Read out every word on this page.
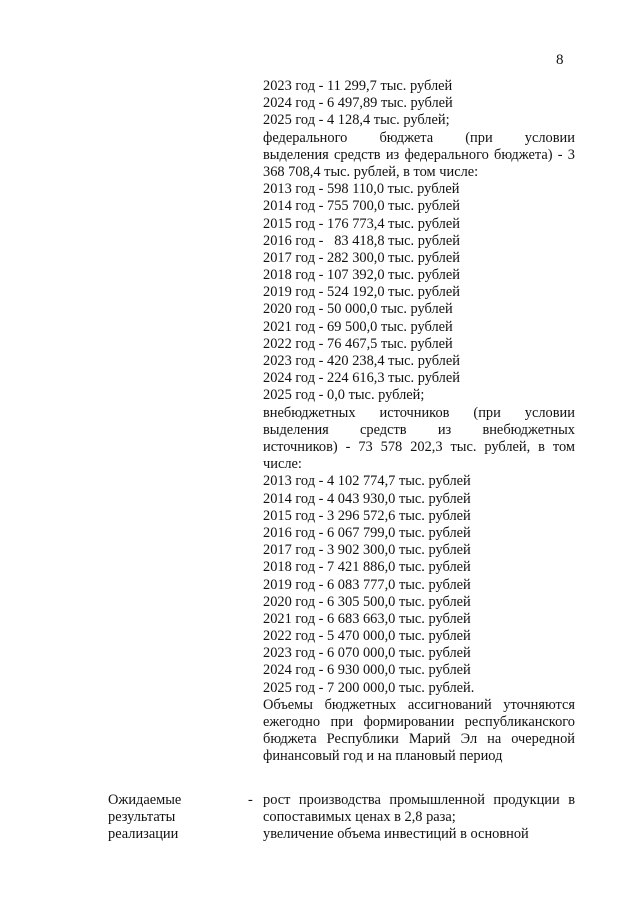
8
2023 год - 11 299,7 тыс. рублей
2024 год - 6 497,89 тыс. рублей
2025 год - 4 128,4 тыс. рублей;
федерального бюджета (при условии
выделения средств из федерального бюджета) - 3 368 708,4 тыс. рублей, в том числе:
2013 год - 598 110,0 тыс. рублей
2014 год - 755 700,0 тыс. рублей
2015 год - 176 773,4 тыс. рублей
2016 год -   83 418,8 тыс. рублей
2017 год - 282 300,0 тыс. рублей
2018 год - 107 392,0 тыс. рублей
2019 год - 524 192,0 тыс. рублей
2020 год - 50 000,0 тыс. рублей
2021 год - 69 500,0 тыс. рублей
2022 год - 76 467,5 тыс. рублей
2023 год - 420 238,4 тыс. рублей
2024 год - 224 616,3 тыс. рублей
2025 год - 0,0 тыс. рублей;
внебюджетных источников (при условии
выделения средств из внебюджетных
источников) - 73 578 202,3 тыс. рублей, в том числе:
2013 год - 4 102 774,7 тыс. рублей
2014 год - 4 043 930,0 тыс. рублей
2015 год - 3 296 572,6 тыс. рублей
2016 год - 6 067 799,0 тыс. рублей
2017 год - 3 902 300,0 тыс. рублей
2018 год - 7 421 886,0 тыс. рублей
2019 год - 6 083 777,0 тыс. рублей
2020 год - 6 305 500,0 тыс. рублей
2021 год - 6 683 663,0 тыс. рублей
2022 год - 5 470 000,0 тыс. рублей
2023 год - 6 070 000,0 тыс. рублей
2024 год - 6 930 000,0 тыс. рублей
2025 год - 7 200 000,0 тыс. рублей.
Объемы бюджетных ассигнований уточняются ежегодно при формировании республиканского бюджета Республики Марий Эл на очередной финансовый год и на плановый период
Ожидаемые
результаты
реализации
- рост производства промышленной продукции в сопоставимых ценах в 2,8 раза;
увеличение объема инвестиций в основной
